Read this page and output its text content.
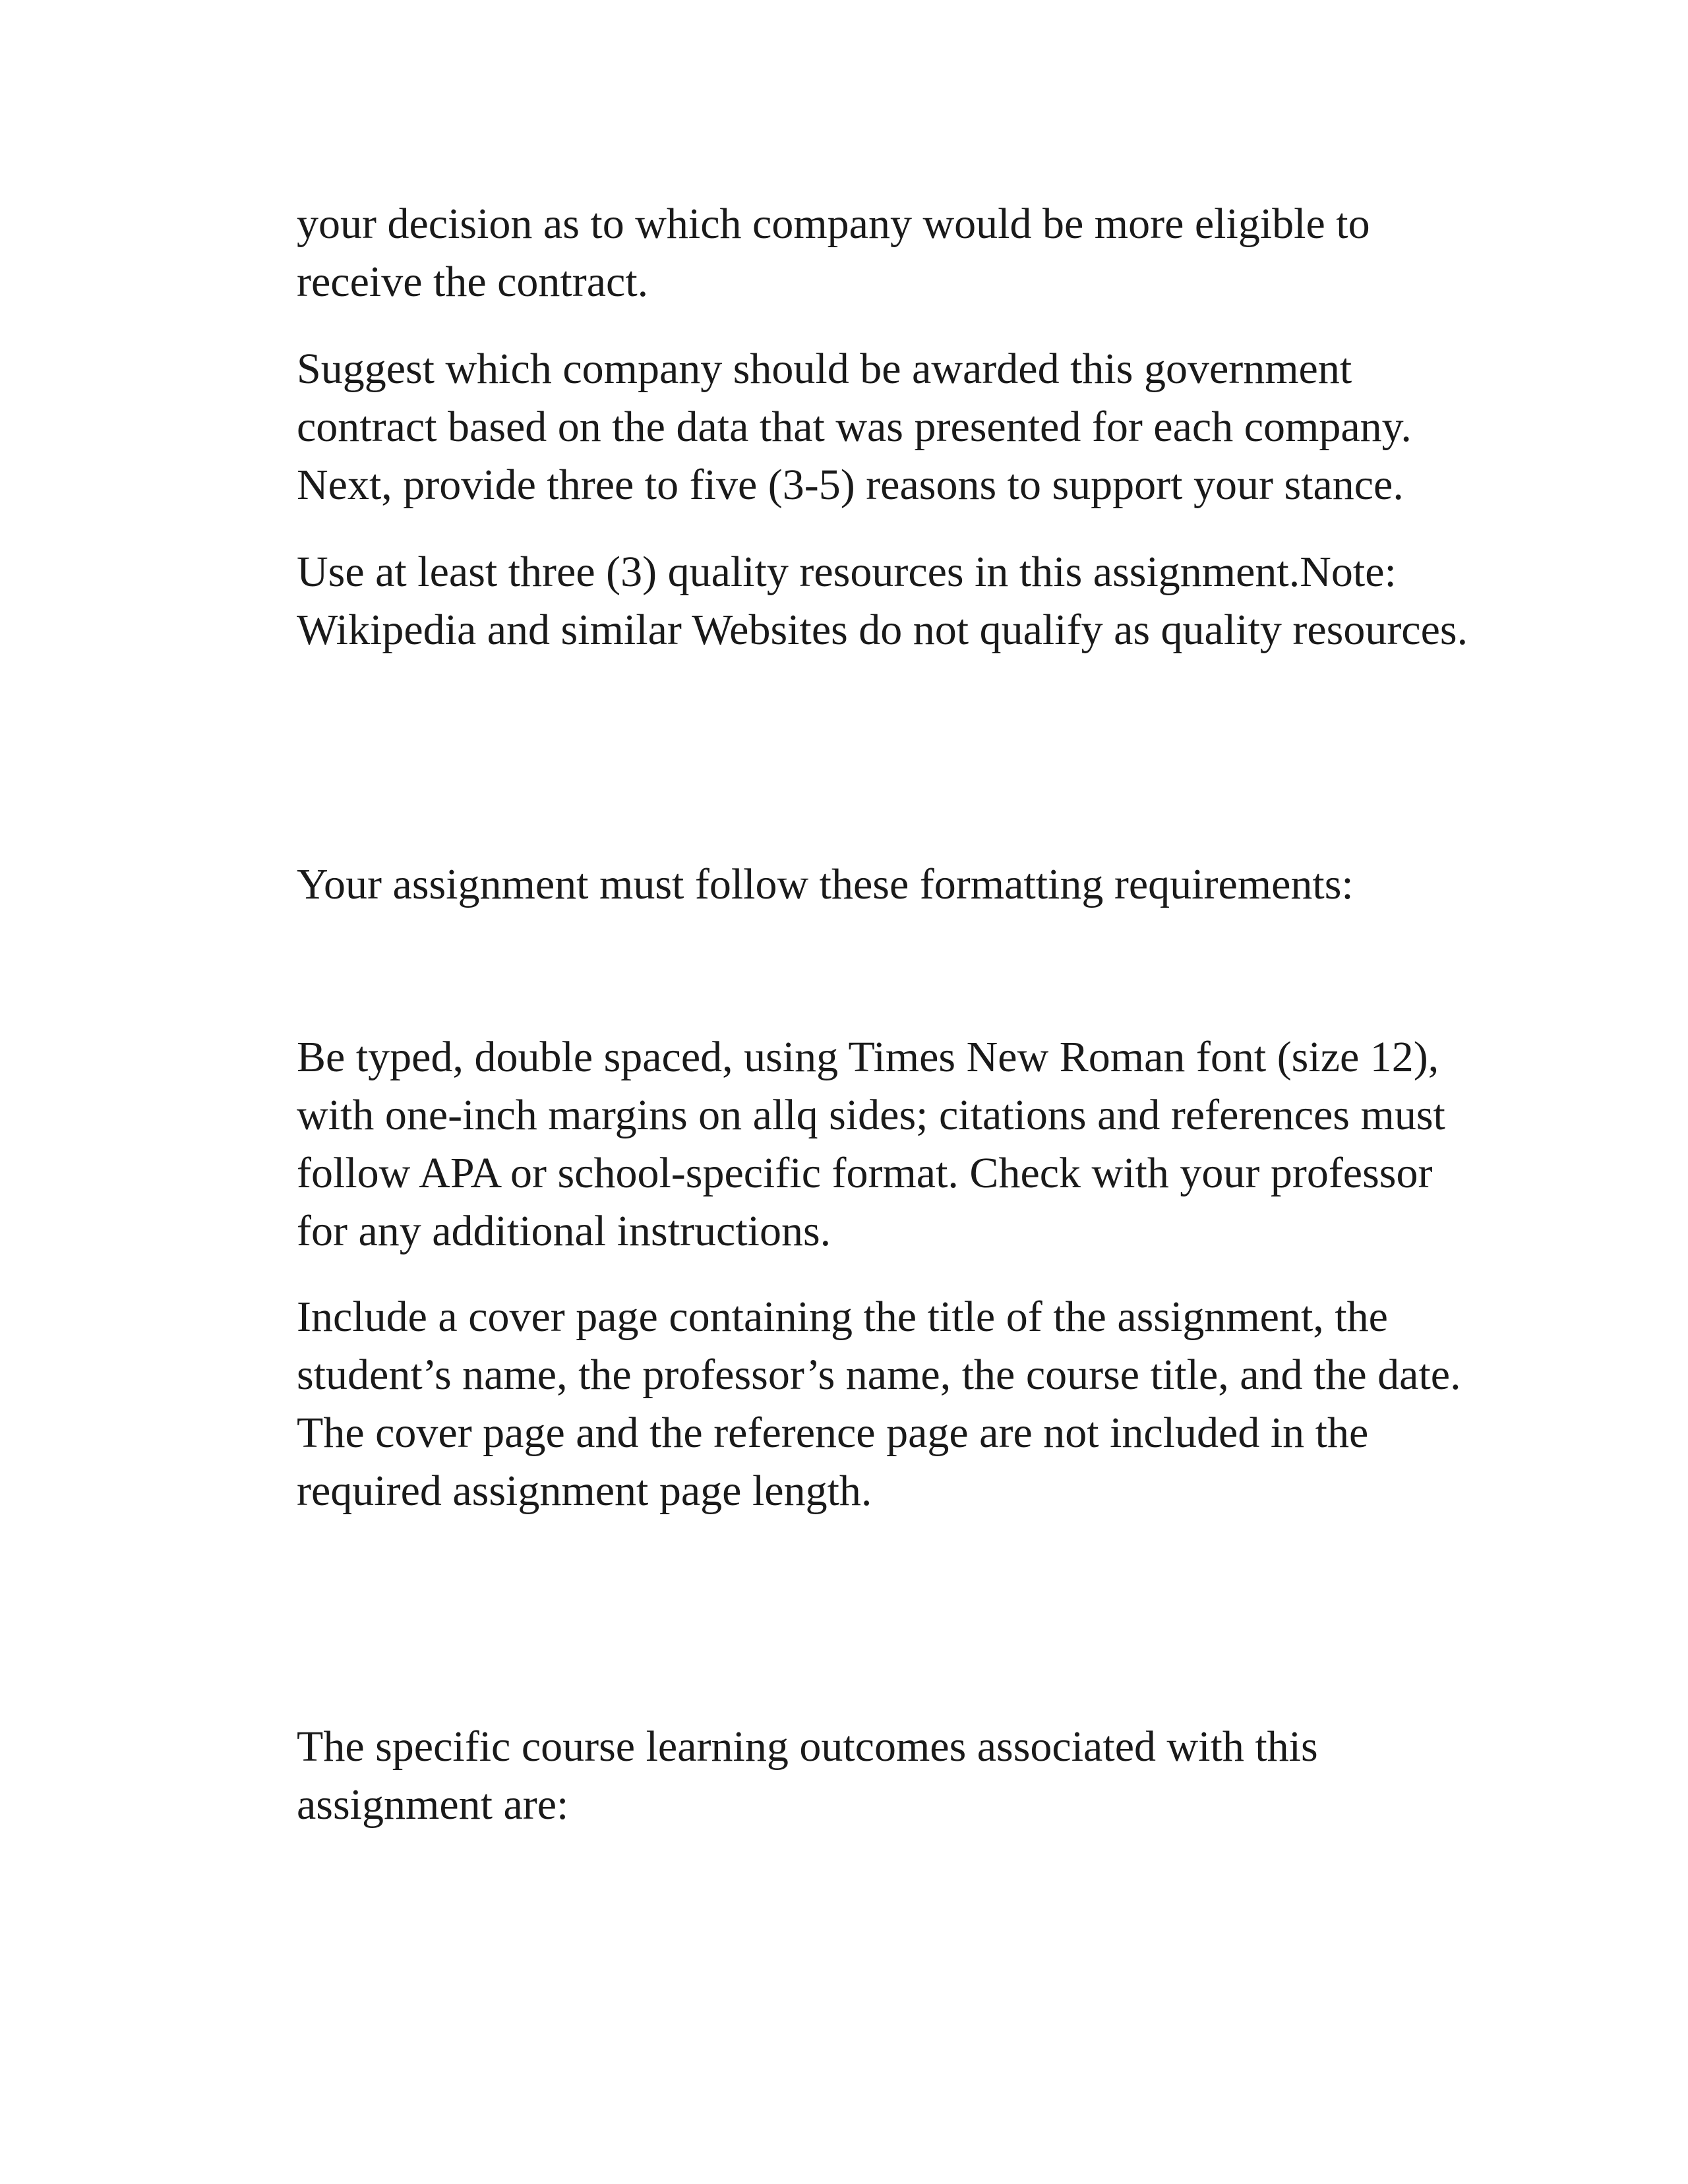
your decision as to which company would be more eligible to
receive the contract.

Suggest which company should be awarded this government
contract based on the data that was presented for each company.
Next, provide three to five (3-5) reasons to support your stance.

Use at least three (3) quality resources in this assignment.Note:
Wikipedia and similar Websites do not qualify as quality resources.

Your assignment must follow these formatting requirements:

Be typed, double spaced, using Times New Roman font (size 12),
with one-inch margins on allq sides; citations and references must
follow APA or school-specific format. Check with your professor
for any additional instructions.

Include a cover page containing the title of the assignment, the
student’s name, the professor’s name, the course title, and the date.
The cover page and the reference page are not included in the
required assignment page length.

The specific course learning outcomes associated with this
assignment are:
